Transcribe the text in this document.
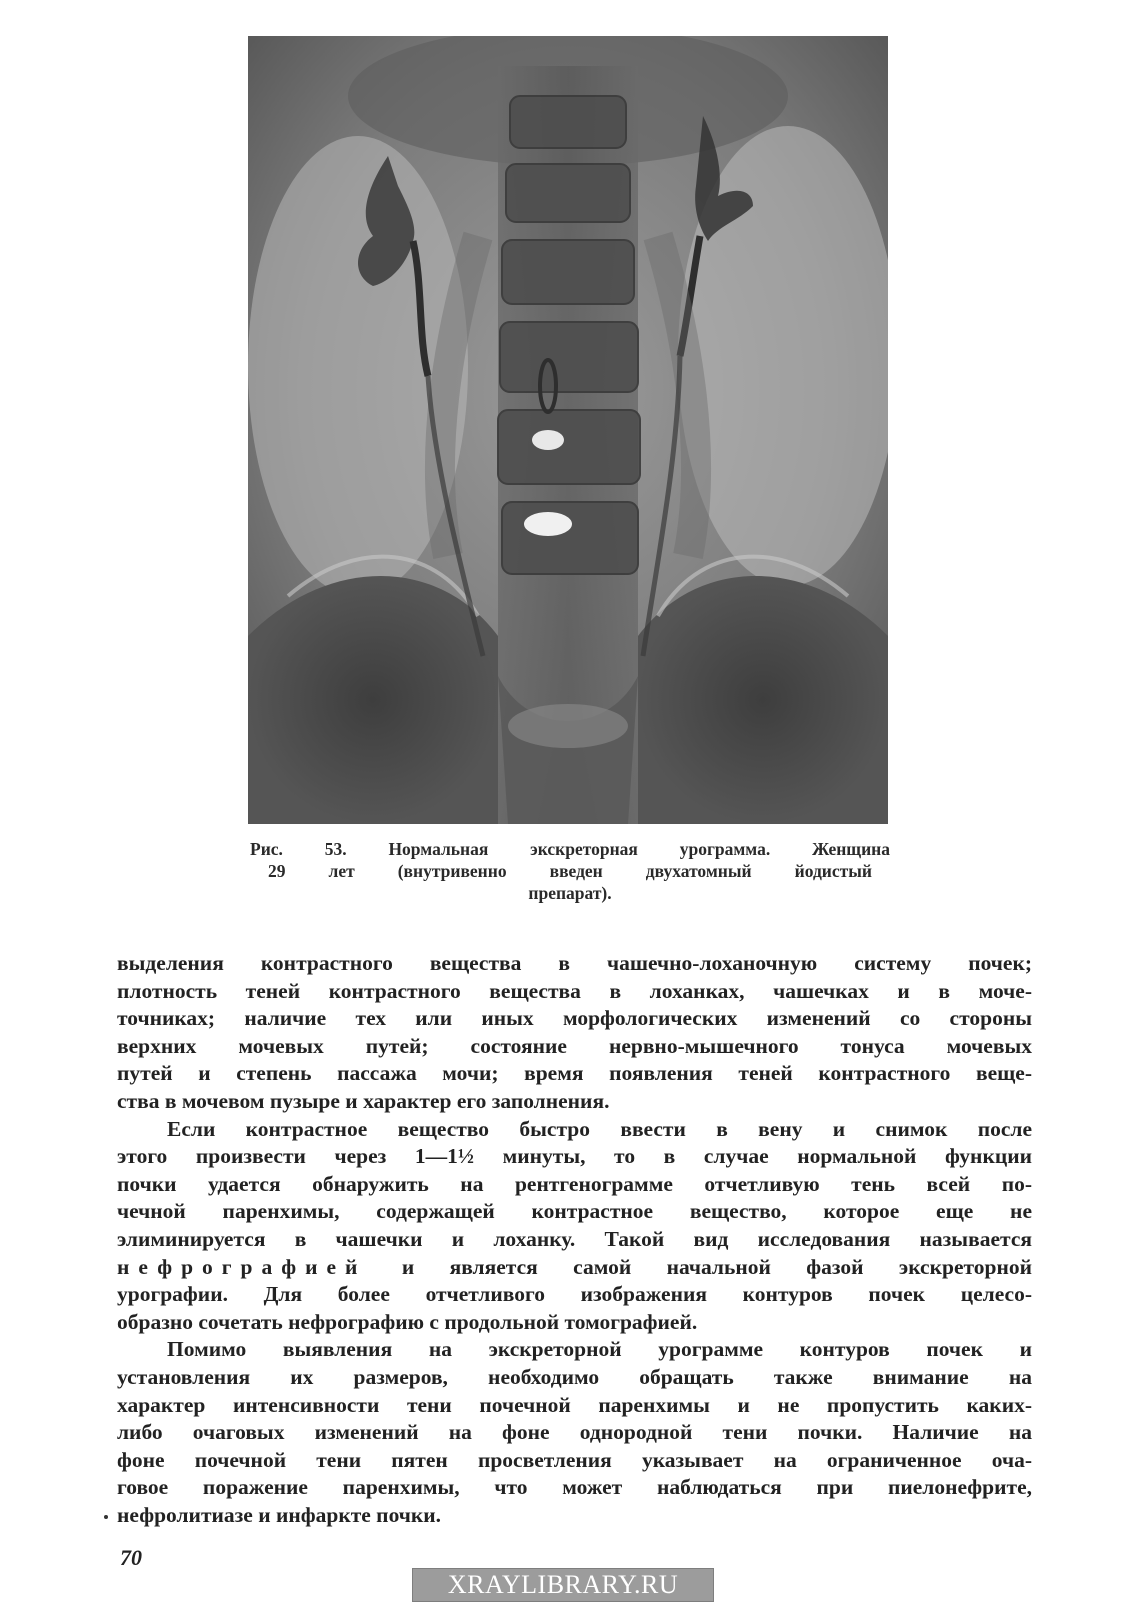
Рис. 53. Нормальная экскреторная урограмма. Женщина
29 лет (внутривенно введен двухатомный йодистый
препарат).
выделения контрастного вещества в чашечно-лоханочную систему почек;
плотность теней контрастного вещества в лоханках, чашечках и в моче-
точниках; наличие тех или иных морфологических изменений со стороны
верхних мочевых путей; состояние нервно-мышечного тонуса мочевых
путей и степень пассажа мочи; время появления теней контрастного веще-
ства в мочевом пузыре и характер его заполнения.
Если контрастное вещество быстро ввести в вену и снимок после
этого произвести через 1—1½ минуты, то в случае нормальной функции
почки удается обнаружить на рентгенограмме отчетливую тень всей по-
чечной паренхимы, содержащей контрастное вещество, которое еще не
элиминируется в чашечки и лоханку. Такой вид исследования называется
нефрографией и является самой начальной фазой экскреторной
урографии. Для более отчетливого изображения контуров почек целесо-
образно сочетать нефрографию с продольной томографией.
Помимо выявления на экскреторной урограмме контуров почек и
установления их размеров, необходимо обращать также внимание на
характер интенсивности тени почечной паренхимы и не пропустить каких-
либо очаговых изменений на фоне однородной тени почки. Наличие на
фоне почечной тени пятен просветления указывает на ограниченное оча-
говое поражение паренхимы, что может наблюдаться при пиелонефрите,
нефролитиазе и инфаркте почки.
70
XRAYLIBRARY.RU
